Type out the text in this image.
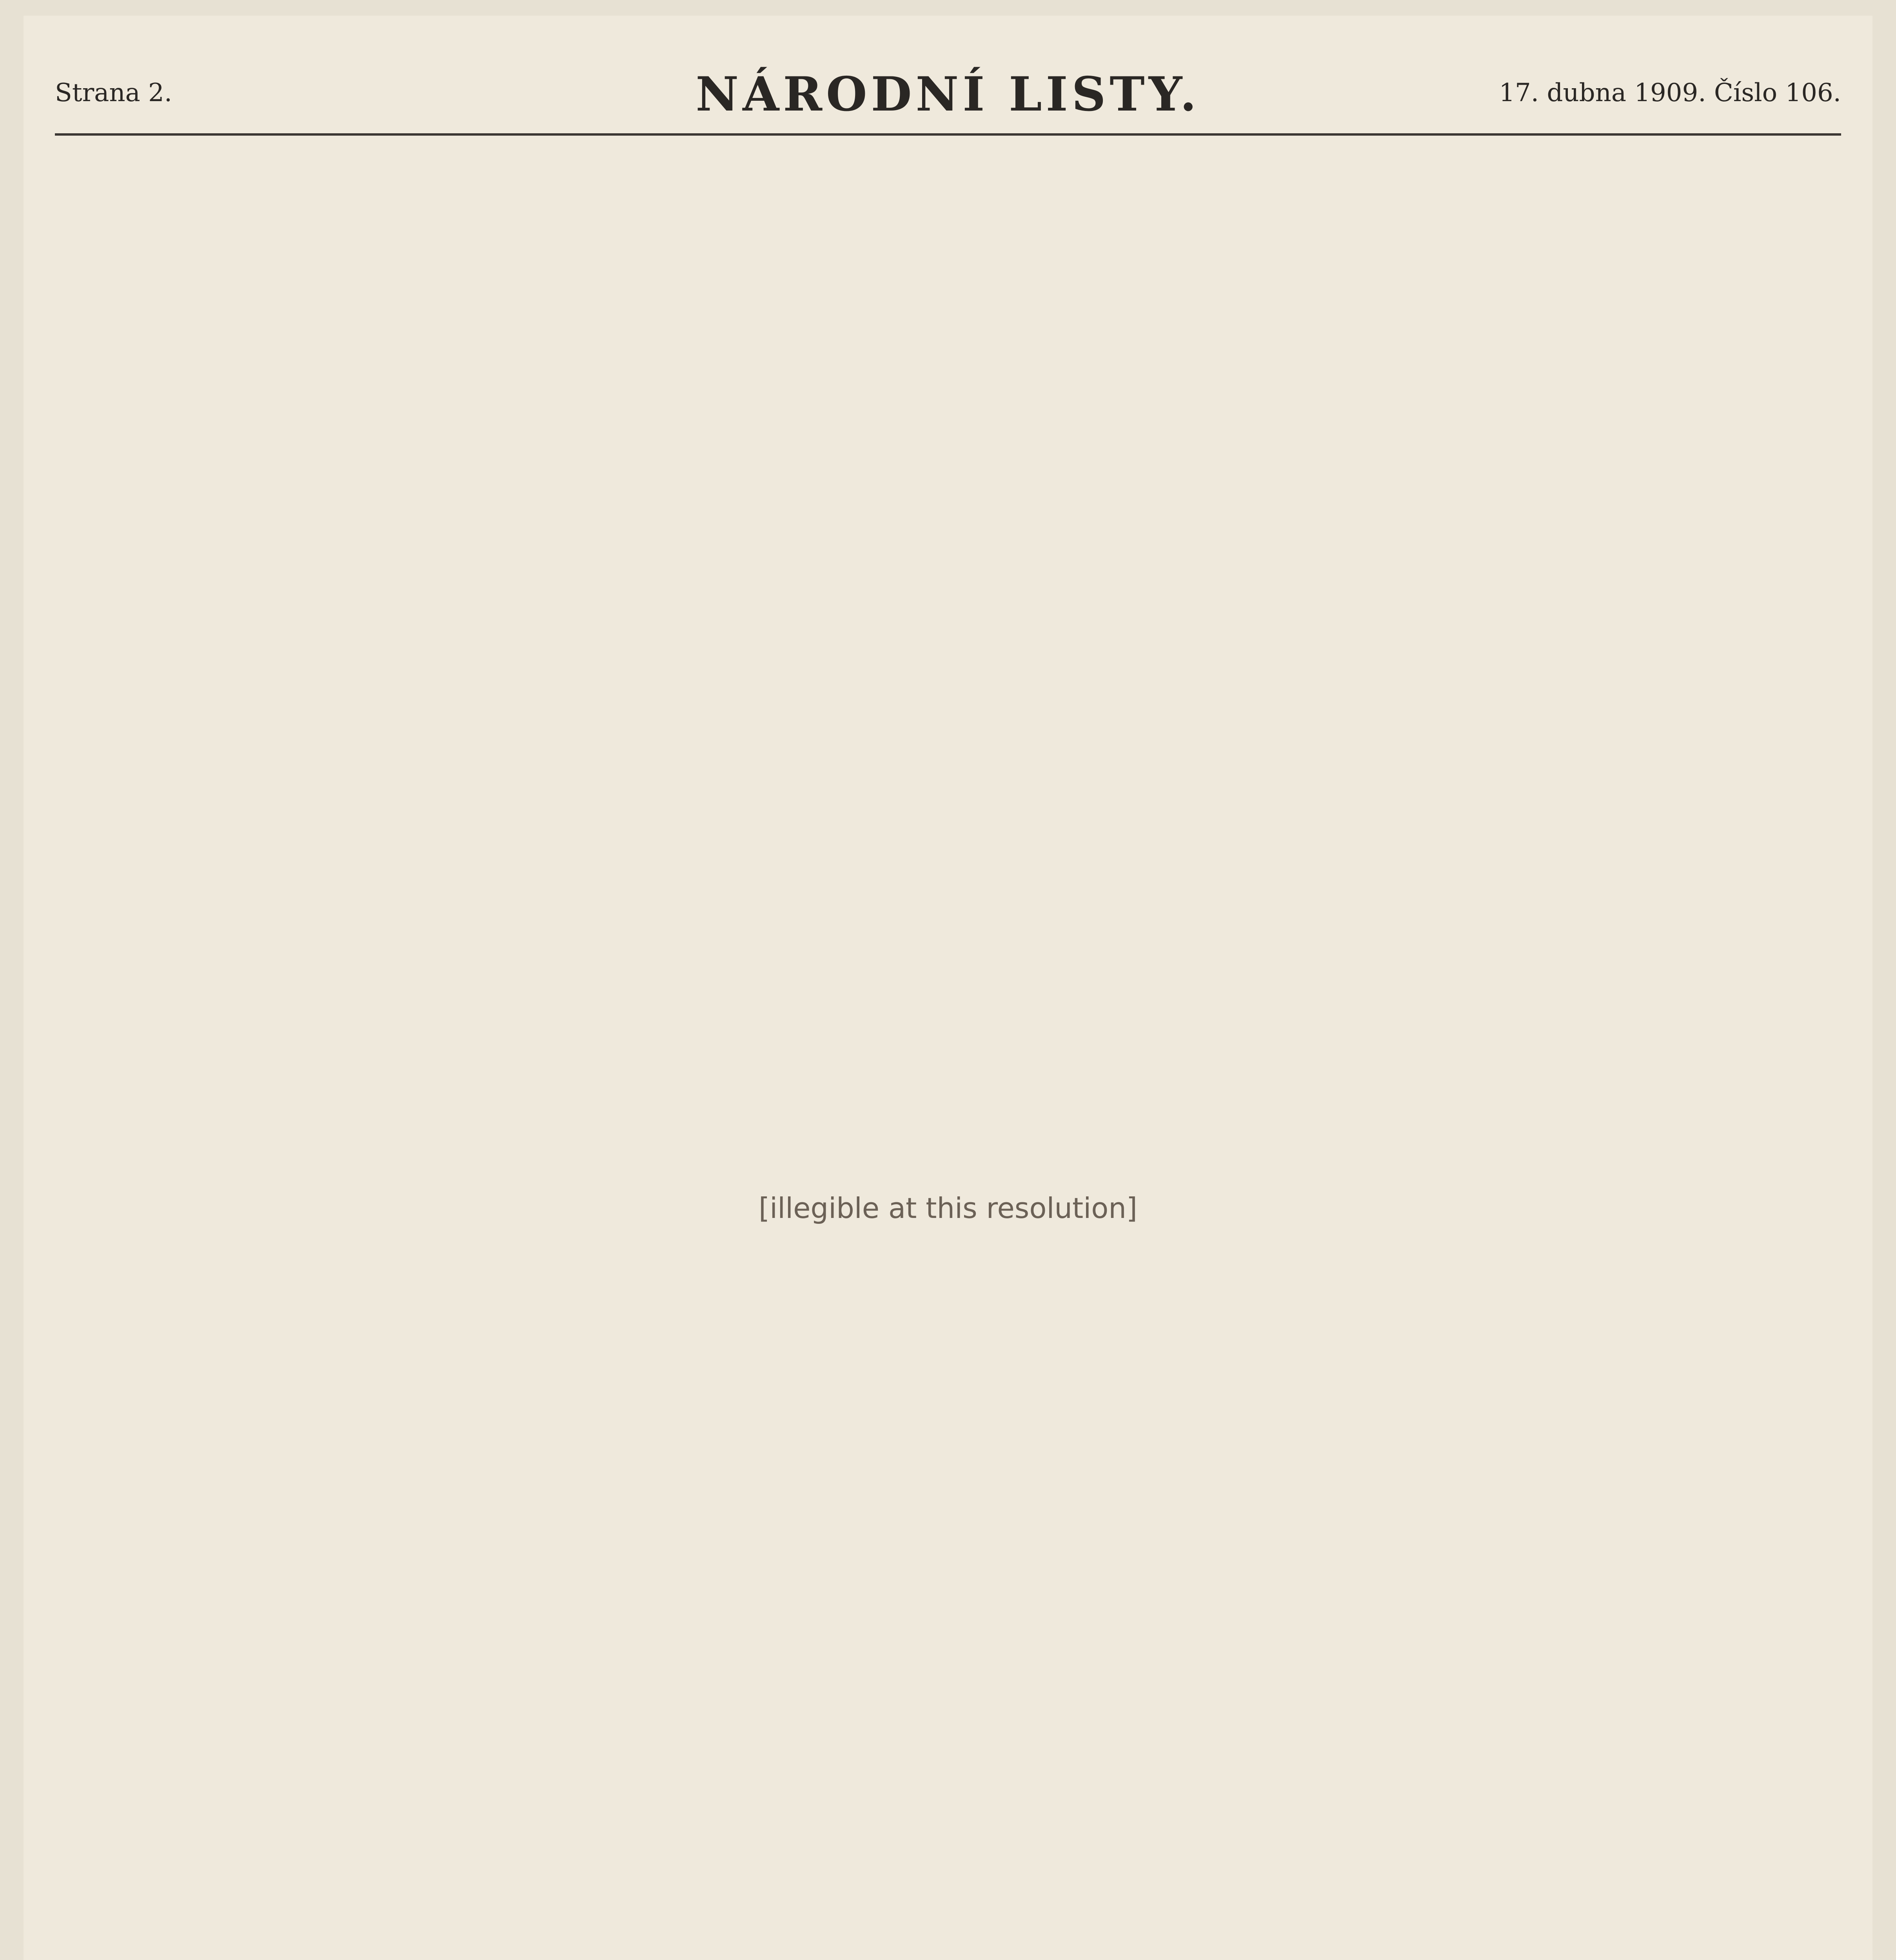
Strana 2.	NÁRODNÍ LISTY.	17. dubna 1909. Číslo 106.
[illegible at this resolution]
